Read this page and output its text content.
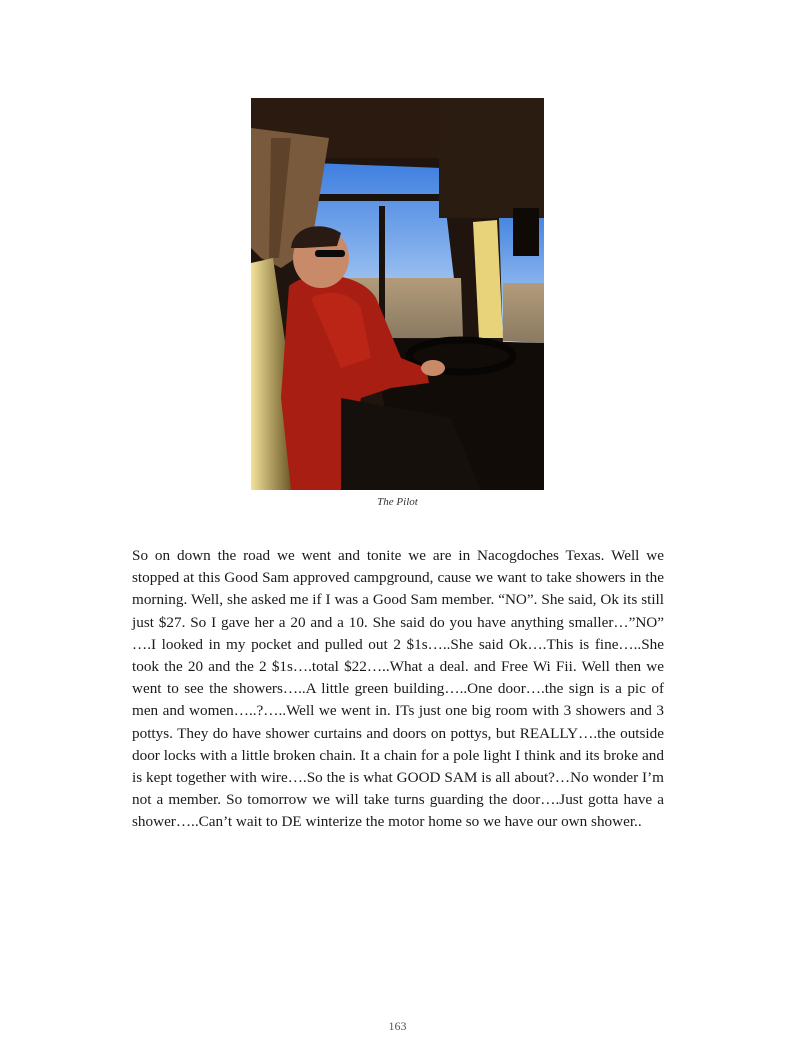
The Pilot

So on down the road we went and tonite we are in Nacogdoches Texas. Well we stopped at this Good Sam approved campground, cause we want to take showers in the morning. Well, she asked me if I was a Good Sam member. “NO”. She said, Ok its still just $27. So I gave her a 20 and a 10. She said do you have anything smaller…”NO” ….I looked in my pocket and pulled out 2 $1s…..She said Ok….This is fine…..She took the 20 and the 2 $1s….total $22…..What a deal. and Free Wi Fii. Well then we went to see the showers…..A little green building…..One door….the sign is a pic of men and women…..?…..Well we went in. ITs just one big room with 3 showers and 3 pottys. They do have shower curtains and doors on pottys, but REALLY….the outside door locks with a little broken chain. It a chain for a pole light I think and its broke and is kept together with wire….So the is what GOOD SAM is all about?…No wonder I’m not a member. So tomorrow we will take turns guarding the door….Just gotta have a shower…..Can’t wait to DE winterize the motor home so we have our own shower..

163
